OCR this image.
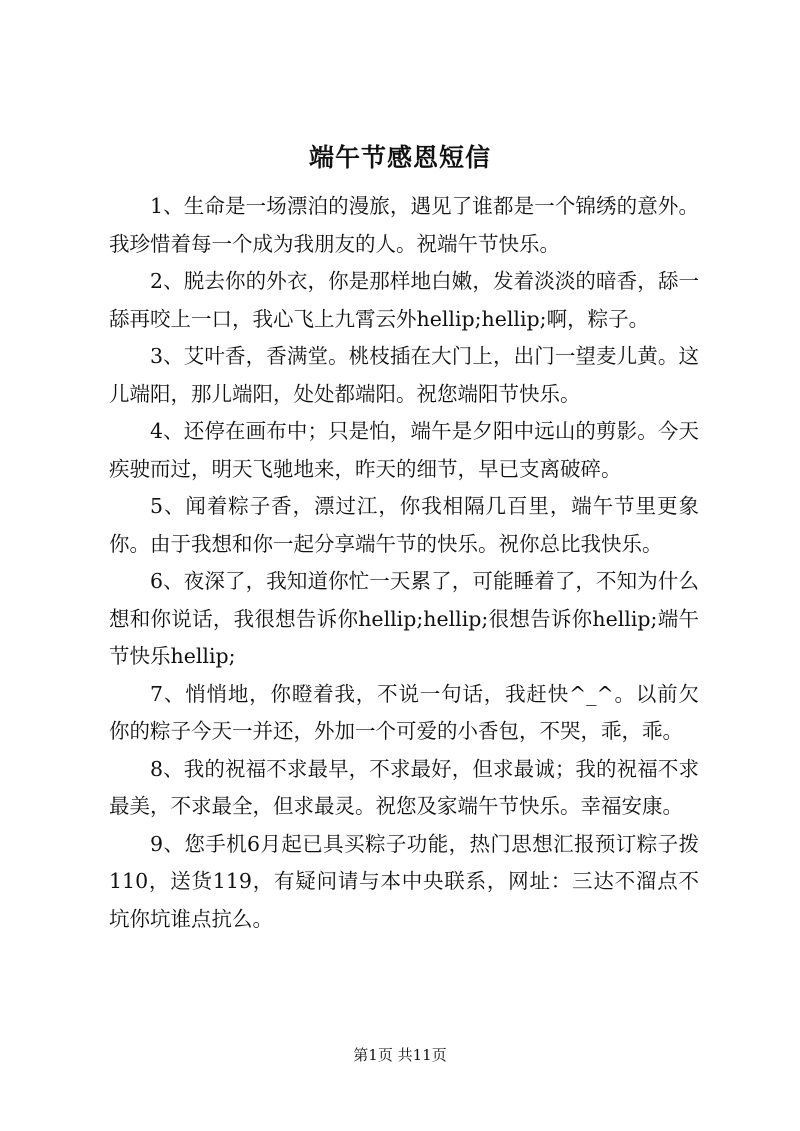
端午节感恩短信

1、生命是一场漂泊的漫旅，遇见了谁都是一个锦绣的意外。我珍惜着每一个成为我朋友的人。祝端午节快乐。

2、脱去你的外衣，你是那样地白嫩，发着淡淡的暗香，舔一舔再咬上一口，我心飞上九霄云外hellip;hellip;啊，粽子。

3、艾叶香，香满堂。桃枝插在大门上，出门一望麦儿黄。这儿端阳，那儿端阳，处处都端阳。祝您端阳节快乐。

4、还停在画布中；只是怕，端午是夕阳中远山的剪影。今天疾驶而过，明天飞驰地来，昨天的细节，早已支离破碎。

5、闻着粽子香，漂过江，你我相隔几百里，端午节里更象你。由于我想和你一起分享端午节的快乐。祝你总比我快乐。

6、夜深了，我知道你忙一天累了，可能睡着了，不知为什么想和你说话，我很想告诉你hellip;hellip;很想告诉你hellip;端午节快乐hellip;

7、悄悄地，你瞪着我，不说一句话，我赶快^_^。以前欠你的粽子今天一并还，外加一个可爱的小香包，不哭，乖，乖。

8、我的祝福不求最早，不求最好，但求最诚；我的祝福不求最美，不求最全，但求最灵。祝您及家端午节快乐。幸福安康。

9、您手机6月起已具买粽子功能，热门思想汇报预订粽子拨110，送货119，有疑问请与本中央联系，网址：三达不溜点不坑你坑谁点抗么。

第1页 共11页
